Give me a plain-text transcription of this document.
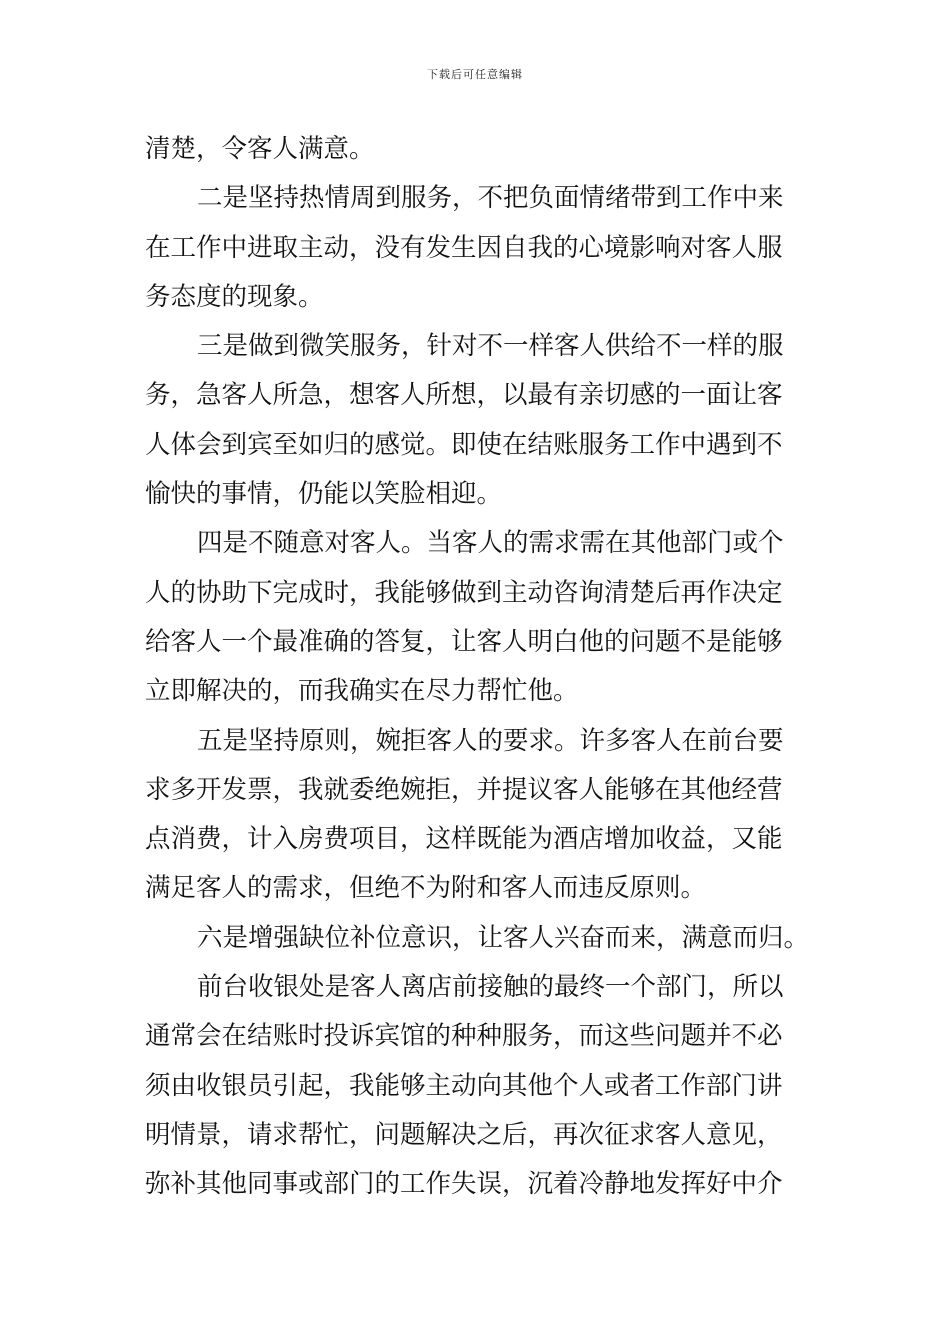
下载后可任意编辑
清楚，令客人满意。
二是坚持热情周到服务，不把负面情绪带到工作中来
在工作中进取主动，没有发生因自我的心境影响对客人服
务态度的现象。
三是做到微笑服务，针对不一样客人供给不一样的服
务，急客人所急，想客人所想，以最有亲切感的一面让客
人体会到宾至如归的感觉。即使在结账服务工作中遇到不
愉快的事情，仍能以笑脸相迎。
四是不随意对客人。当客人的需求需在其他部门或个
人的协助下完成时，我能够做到主动咨询清楚后再作决定
给客人一个最准确的答复，让客人明白他的问题不是能够
立即解决的，而我确实在尽力帮忙他。
五是坚持原则，婉拒客人的要求。许多客人在前台要
求多开发票，我就委绝婉拒，并提议客人能够在其他经营
点消费，计入房费项目，这样既能为酒店增加收益，又能
满足客人的需求，但绝不为附和客人而违反原则。
六是增强缺位补位意识，让客人兴奋而来，满意而归。
前台收银处是客人离店前接触的最终一个部门，所以
通常会在结账时投诉宾馆的种种服务，而这些问题并不必
须由收银员引起，我能够主动向其他个人或者工作部门讲
明情景，请求帮忙，问题解决之后，再次征求客人意见，
弥补其他同事或部门的工作失误，沉着冷静地发挥好中介
